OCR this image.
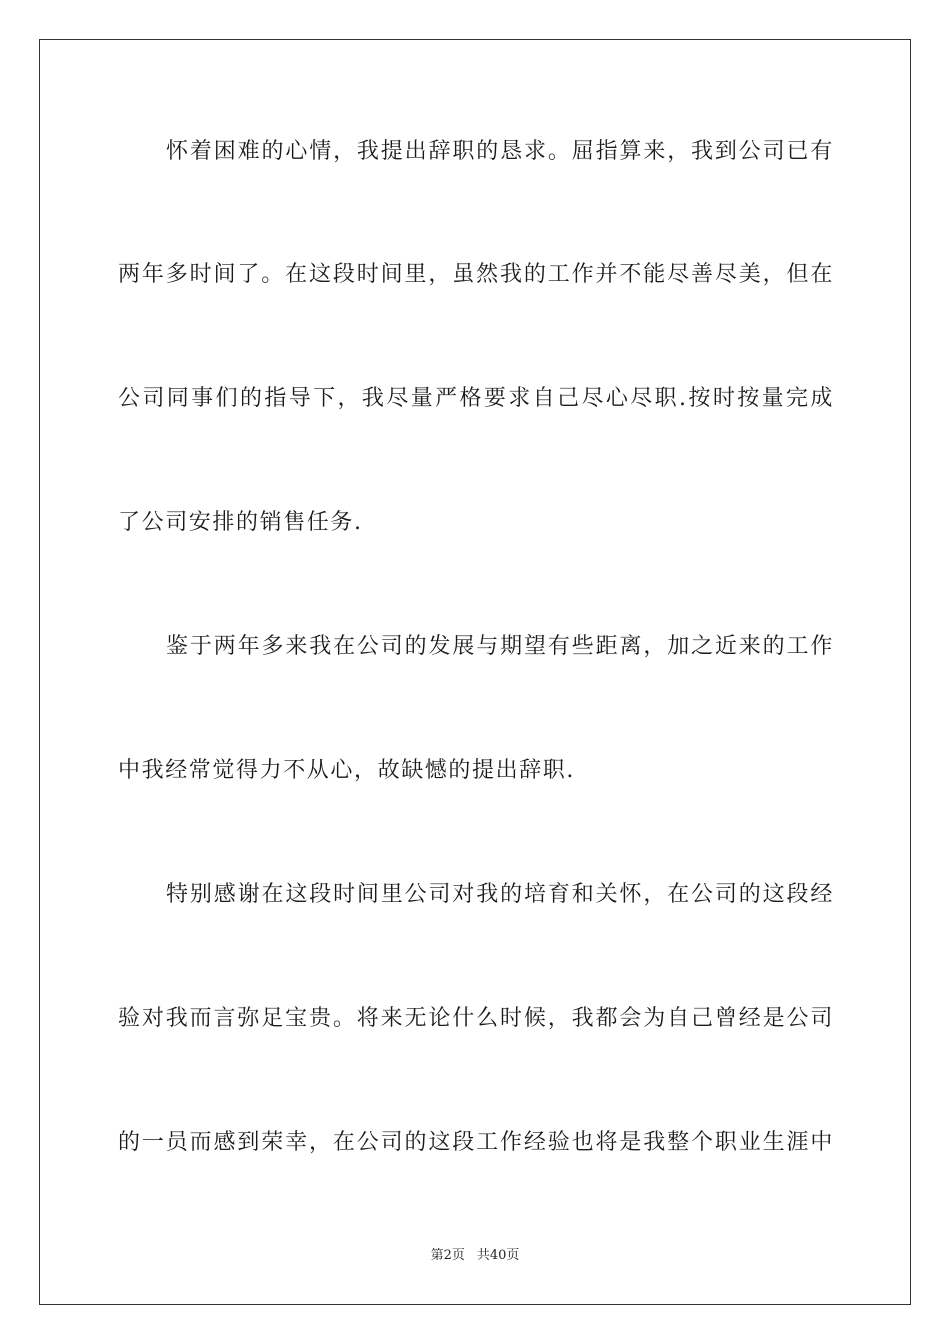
怀着困难的心情，我提出辞职的恳求。屈指算来，我到公司已有
两年多时间了。在这段时间里，虽然我的工作并不能尽善尽美，但在
公司同事们的指导下，我尽量严格要求自己尽心尽职.按时按量完成
了公司安排的销售任务.
鉴于两年多来我在公司的发展与期望有些距离，加之近来的工作
中我经常觉得力不从心，故缺憾的提出辞职.
特别感谢在这段时间里公司对我的培育和关怀，在公司的这段经
验对我而言弥足宝贵。将来无论什么时候，我都会为自己曾经是公司
的一员而感到荣幸，在公司的这段工作经验也将是我整个职业生涯中
第2页 共40页
